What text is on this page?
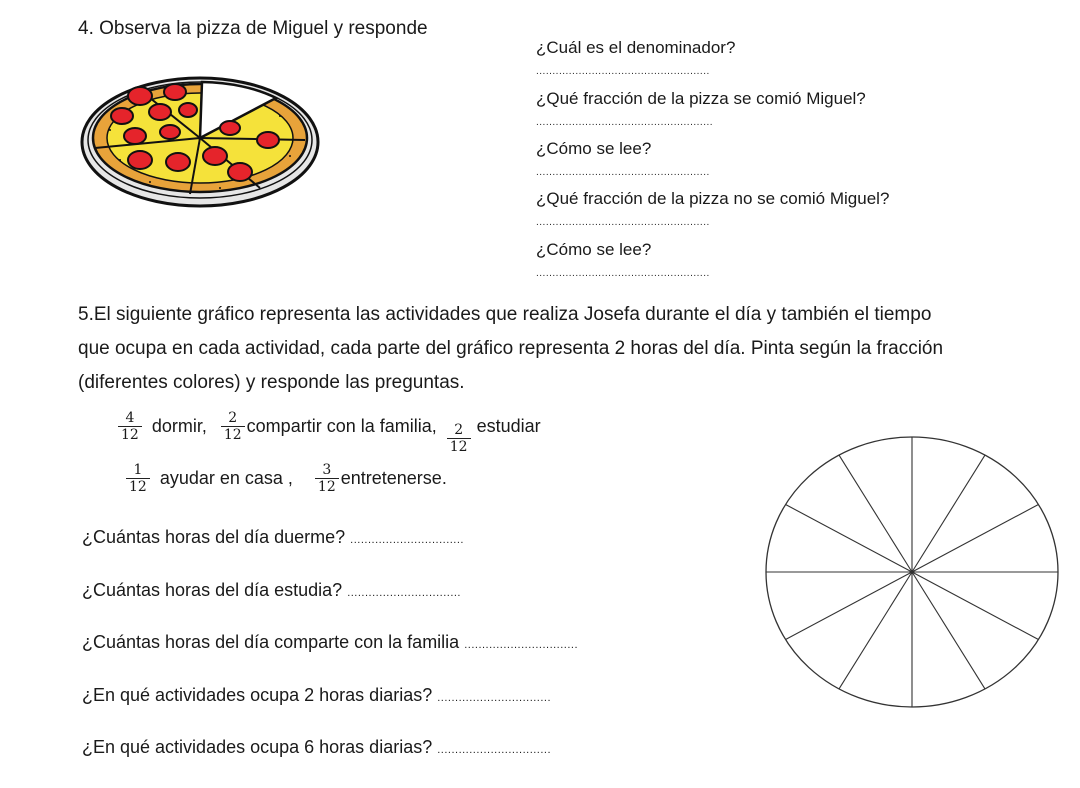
4. Observa la pizza de Miguel y responde
¿Cuál es el denominador?
.....................................................
¿Qué fracción de la pizza se comió Miguel?
......................................................
¿Cómo se lee?
.....................................................
¿Qué fracción de la pizza no se comió Miguel?
.....................................................
¿Cómo se lee?
.....................................................
5.El siguiente gráfico representa las actividades que realiza Josefa durante el día y también el tiempo que ocupa en cada actividad, cada parte del gráfico representa 2 horas del día. Pinta según la fracción (diferentes colores) y responde las preguntas.
$\frac{4}{12}$ dormir, $\frac{2}{12}$ compartir con la familia, $\frac{2}{12}$ estudiar
$\frac{1}{12}$ ayudar en casa , $\frac{3}{12}$ entretenerse.
¿Cuántas horas del día duerme? ................................
¿Cuántas horas del día estudia? ................................
¿Cuántas horas del día comparte con la familia ................................
¿En qué actividades ocupa 2 horas diarias? ................................
¿En qué actividades ocupa 6 horas diarias? ................................
